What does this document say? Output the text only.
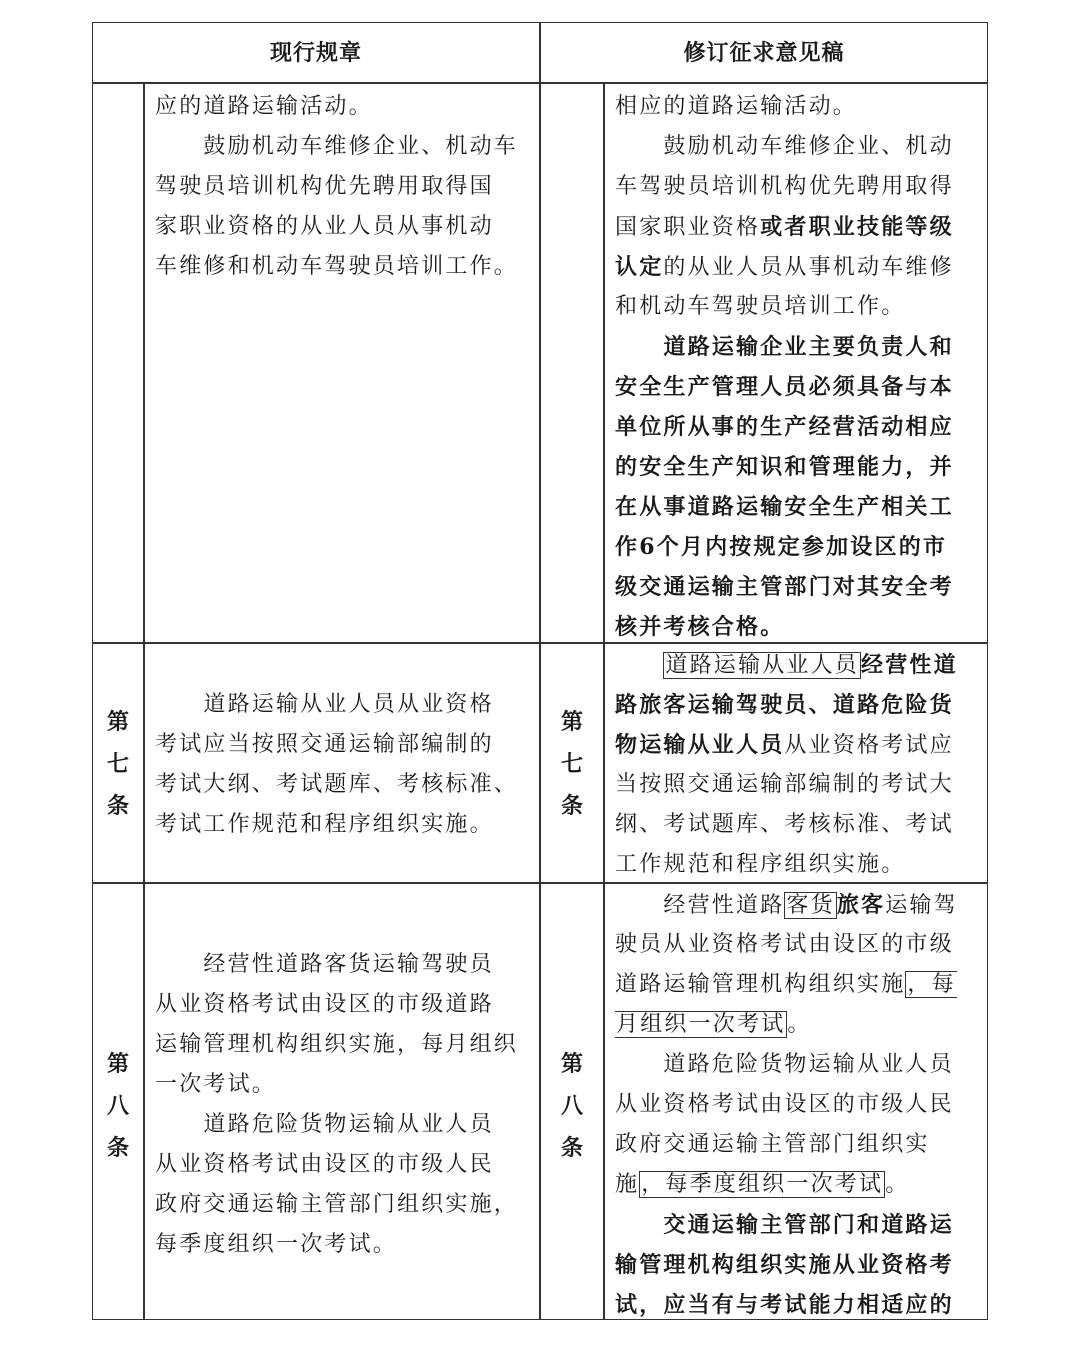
现行规章	修订征求意见稿

应的道路运输活动。

　　鼓励机动车维修企业、机动车

驾驶员培训机构优先聘用取得国

家职业资格的从业人员从事机动

车维修和机动车驾驶员培训工作。

相应的道路运输活动。

　　鼓励机动车维修企业、机动

车驾驶员培训机构优先聘用取得

国家职业资格或者职业技能等级

认定的从业人员从事机动车维修

和机动车驾驶员培训工作。

　　道路运输企业主要负责人和

安全生产管理人员必须具备与本

单位所从事的生产经营活动相应

的安全生产知识和管理能力，并

在从事道路运输安全生产相关工

作6个月内按规定参加设区的市

级交通运输主管部门对其安全考

核并考核合格。

第
七
条

　　道路运输从业人员从业资格

考试应当按照交通运输部编制的

考试大纲、考试题库、考核标准、

考试工作规范和程序组织实施。

第
七
条

　　道路运输从业人员经营性道

路旅客运输驾驶员、道路危险货

物运输从业人员从业资格考试应

当按照交通运输部编制的考试大

纲、考试题库、考核标准、考试

工作规范和程序组织实施。

第
八
条

　　经营性道路客货运输驾驶员

从业资格考试由设区的市级道路

运输管理机构组织实施，每月组织

一次考试。

　　道路危险货物运输从业人员

从业资格考试由设区的市级人民

政府交通运输主管部门组织实施，

每季度组织一次考试。

第
八
条

　　经营性道路客货旅客运输驾

驶员从业资格考试由设区的市级

道路运输管理机构组织实施，每

月组织一次考试。

　　道路危险货物运输从业人员

从业资格考试由设区的市级人民

政府交通运输主管部门组织实

施，每季度组织一次考试。

　　交通运输主管部门和道路运

输管理机构组织实施从业资格考

试，应当有与考试能力相适应的
